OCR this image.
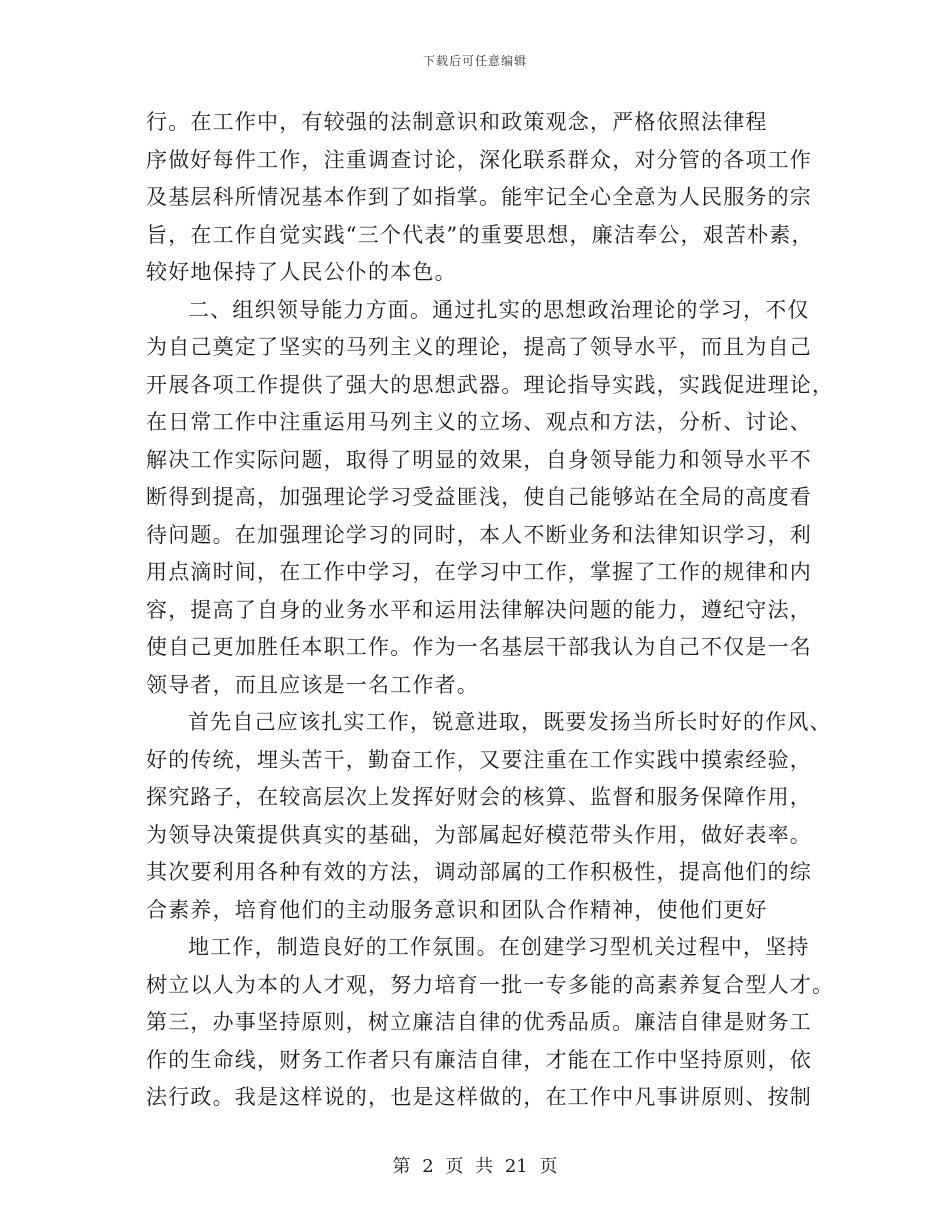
下载后可任意编辑
行。在工作中，有较强的法制意识和政策观念，严格依照法律程
序做好每件工作，注重调查讨论，深化联系群众，对分管的各项工作
及基层科所情况基本作到了如指掌。能牢记全心全意为人民服务的宗
旨，在工作自觉实践“三个代表”的重要思想，廉洁奉公，艰苦朴素，
较好地保持了人民公仆的本色。
二、组织领导能力方面。通过扎实的思想政治理论的学习，不仅
为自己奠定了坚实的马列主义的理论，提高了领导水平，而且为自己
开展各项工作提供了强大的思想武器。理论指导实践，实践促进理论，
在日常工作中注重运用马列主义的立场、观点和方法，分析、讨论、
解决工作实际问题，取得了明显的效果，自身领导能力和领导水平不
断得到提高，加强理论学习受益匪浅，使自己能够站在全局的高度看
待问题。在加强理论学习的同时，本人不断业务和法律知识学习，利
用点滴时间，在工作中学习，在学习中工作，掌握了工作的规律和内
容，提高了自身的业务水平和运用法律解决问题的能力，遵纪守法，
使自己更加胜任本职工作。作为一名基层干部我认为自己不仅是一名
领导者，而且应该是一名工作者。
首先自己应该扎实工作，锐意进取，既要发扬当所长时好的作风、
好的传统，埋头苦干，勤奋工作，又要注重在工作实践中摸索经验，
探究路子，在较高层次上发挥好财会的核算、监督和服务保障作用，
为领导决策提供真实的基础，为部属起好模范带头作用，做好表率。
其次要利用各种有效的方法，调动部属的工作积极性，提高他们的综
合素养，培育他们的主动服务意识和团队合作精神，使他们更好
地工作，制造良好的工作氛围。在创建学习型机关过程中，坚持
树立以人为本的人才观，努力培育一批一专多能的高素养复合型人才。
第三，办事坚持原则，树立廉洁自律的优秀品质。廉洁自律是财务工
作的生命线，财务工作者只有廉洁自律，才能在工作中坚持原则，依
法行政。我是这样说的，也是这样做的，在工作中凡事讲原则、按制
第 2 页 共 21 页
